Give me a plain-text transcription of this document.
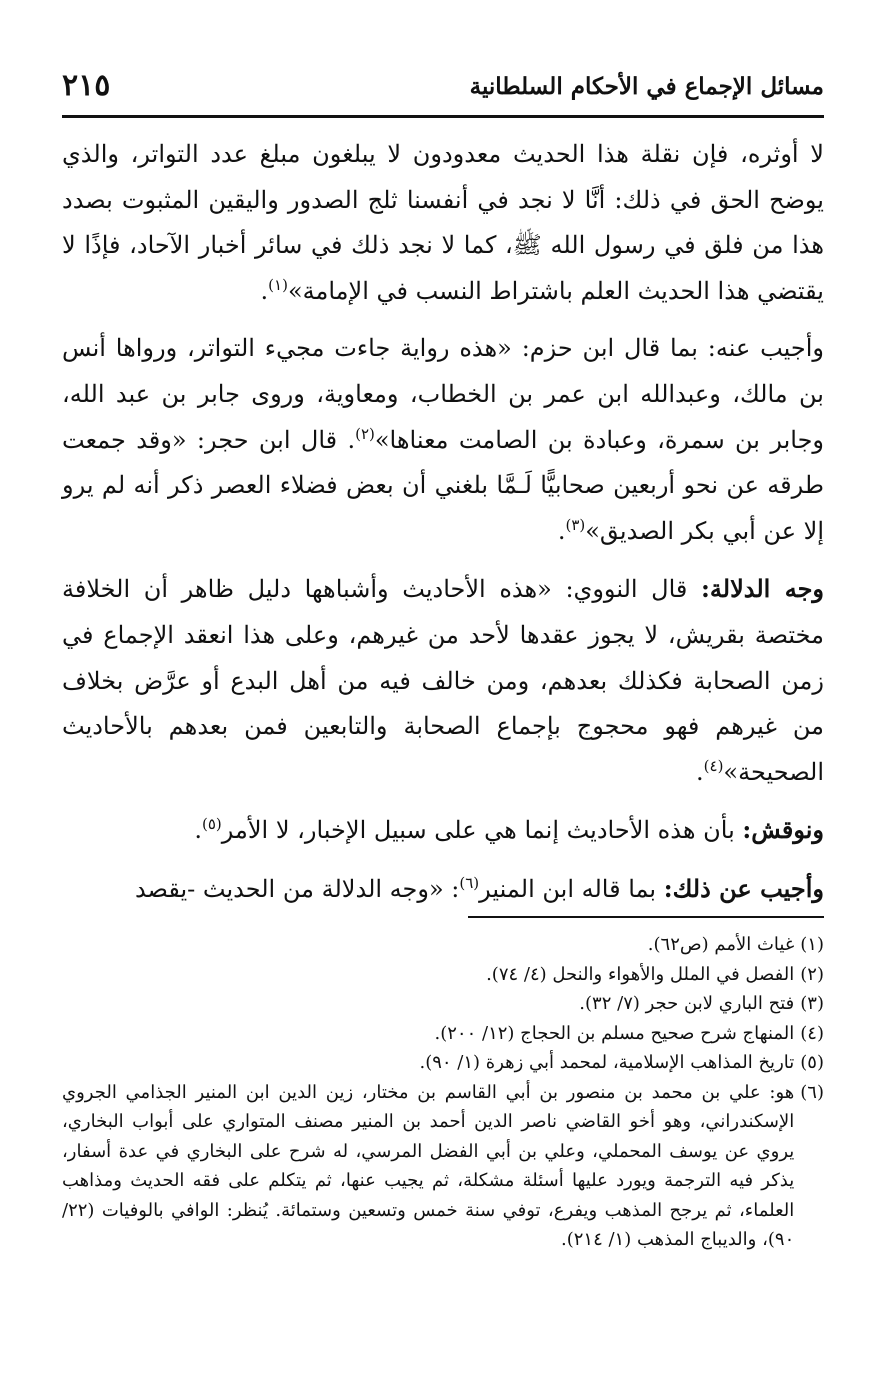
٢١٥	مسائل الإجماع في الأحكام السلطانية

لا أوثره، فإن نقلة هذا الحديث معدودون لا يبلغون مبلغ عدد التواتر، والذي يوضح الحق في ذلك: أنَّا لا نجد في أنفسنا ثلج الصدور واليقين المثبوت بصدد هذا من فلق في رسول الله ﷺ، كما لا نجد ذلك في سائر أخبار الآحاد، فإذًا لا يقتضي هذا الحديث العلم باشتراط النسب في الإمامة»$^{(١)}$.

وأجيب عنه: بما قال ابن حزم: «هذه رواية جاءت مجيء التواتر، ورواها أنس بن مالك، وعبدالله ابن عمر بن الخطاب، ومعاوية، وروى جابر بن عبد الله، وجابر بن سمرة، وعبادة بن الصامت معناها»$^{(٢)}$. قال ابن حجر: «وقد جمعت طرقه عن نحو أربعين صحابيًّا لَـمَّا بلغني أن بعض فضلاء العصر ذكر أنه لم يرو إلا عن أبي بكر الصديق»$^{(٣)}$.

وجه الدلالة: قال النووي: «هذه الأحاديث وأشباهها دليل ظاهر أن الخلافة مختصة بقريش، لا يجوز عقدها لأحد من غيرهم، وعلى هذا انعقد الإجماع في زمن الصحابة فكذلك بعدهم، ومن خالف فيه من أهل البدع أو عرَّض بخلاف من غيرهم فهو محجوج بإجماع الصحابة والتابعين فمن بعدهم بالأحاديث الصحيحة»$^{(٤)}$.

ونوقش: بأن هذه الأحاديث إنما هي على سبيل الإخبار، لا الأمر$^{(٥)}$.

وأجيب عن ذلك: بما قاله ابن المنير$^{(٦)}$: «وجه الدلالة من الحديث -يقصد

(١)
غياث الأمم (ص٦٢).
(٢)
الفصل في الملل والأهواء والنحل (٤/ ٧٤).
(٣)
فتح الباري لابن حجر (٧/ ٣٢).
(٤)
المنهاج شرح صحيح مسلم بن الحجاج (١٢/ ٢٠٠).
(٥)
تاريخ المذاهب الإسلامية، لمحمد أبي زهرة (١/ ٩٠).
(٦)
هو: علي بن محمد بن منصور بن أبي القاسم بن مختار، زين الدين ابن المنير الجذامي الجروي الإسكندراني، وهو أخو القاضي ناصر الدين أحمد بن المنير مصنف المتواري على أبواب البخاري، يروي عن يوسف المحملي، وعلي بن أبي الفضل المرسي، له شرح على البخاري في عدة أسفار، يذكر فيه الترجمة ويورد عليها أسئلة مشكلة، ثم يجيب عنها، ثم يتكلم على فقه الحديث ومذاهب العلماء، ثم يرجح المذهب ويفرع، توفي سنة خمس وتسعين وستمائة. يُنظر: الوافي بالوفيات (٢٢/ ٩٠)، والديباج المذهب (١/ ٢١٤).
